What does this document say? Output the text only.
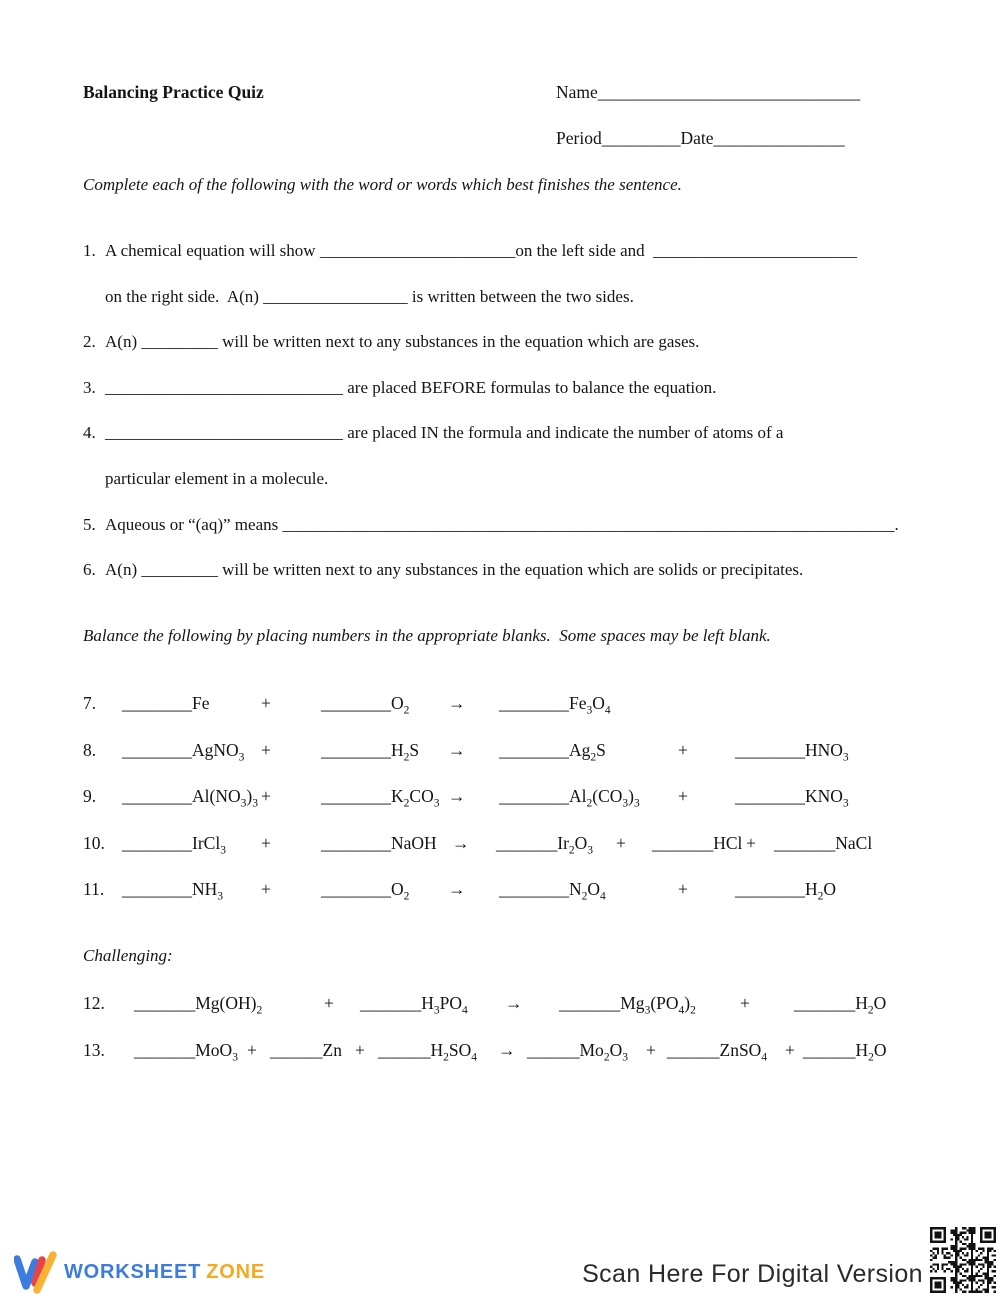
Balancing Practice Quiz	Name______________________________
Period_________Date_______________
Complete each of the following with the word or words which best finishes the sentence.
1. A chemical equation will show _______________________on the left side and  ________________________
on the right side.  A(n) _________________ is written between the two sides.
2. A(n) _________ will be written next to any substances in the equation which are gases.
3. ____________________________ are placed BEFORE formulas to balance the equation.
4. ____________________________ are placed IN the formula and indicate the number of atoms of a
particular element in a molecule.
5. Aqueous or “(aq)” means ________________________________________________________________________.
6. A(n) _________ will be written next to any substances in the equation which are solids or precipitates.
Balance the following by placing numbers in the appropriate blanks.  Some spaces may be left blank.
7. ________Fe	+	$\_\_\_\_\_\_\_\_O_2$ → $\_\_\_\_\_\_\_\_Fe_3O_4$
8. ________AgNO$_3$ +	$\_\_\_\_\_\_\_\_H_2S$ → $\_\_\_\_\_\_\_\_Ag_2S$	+	$\_\_\_\_\_\_\_\_HNO_3$
9. $\_\_\_\_\_\_\_\_Al(NO_3)_3$ +	$\_\_\_\_\_\_\_\_K_2CO_3$ → $\_\_\_\_\_\_\_\_Al_2(CO_3)_3$ +	$\_\_\_\_\_\_\_\_KNO_3$
10. ________IrCl$_3$ +	________NaOH → $\_\_\_\_\_\_\_Ir_2O_3$ + _______HCl + _______NaCl
11. $\_\_\_\_\_\_\_\_NH_3$ +	$\_\_\_\_\_\_\_\_O_2$ → $\_\_\_\_\_\_\_\_N_2O_4$	+	$\_\_\_\_\_\_\_\_H_2O$
Challenging:
12. $\_\_\_\_\_\_\_Mg(OH)_2$	+ $\_\_\_\_\_\_\_H_3PO_4$ → $\_\_\_\_\_\_\_Mg_3(PO_4)_2$	+	$\_\_\_\_\_\_\_H_2O$
13. _______MoO$_3$ + ______Zn + $\_\_\_\_\_\_H_2SO_4$ → $\_\_\_\_\_\_Mo_2O_3$ + ______ZnSO$_4$ + $\_\_\_\_\_\_H_2O$
WORKSHEET ZONE	Scan Here For Digital Version
